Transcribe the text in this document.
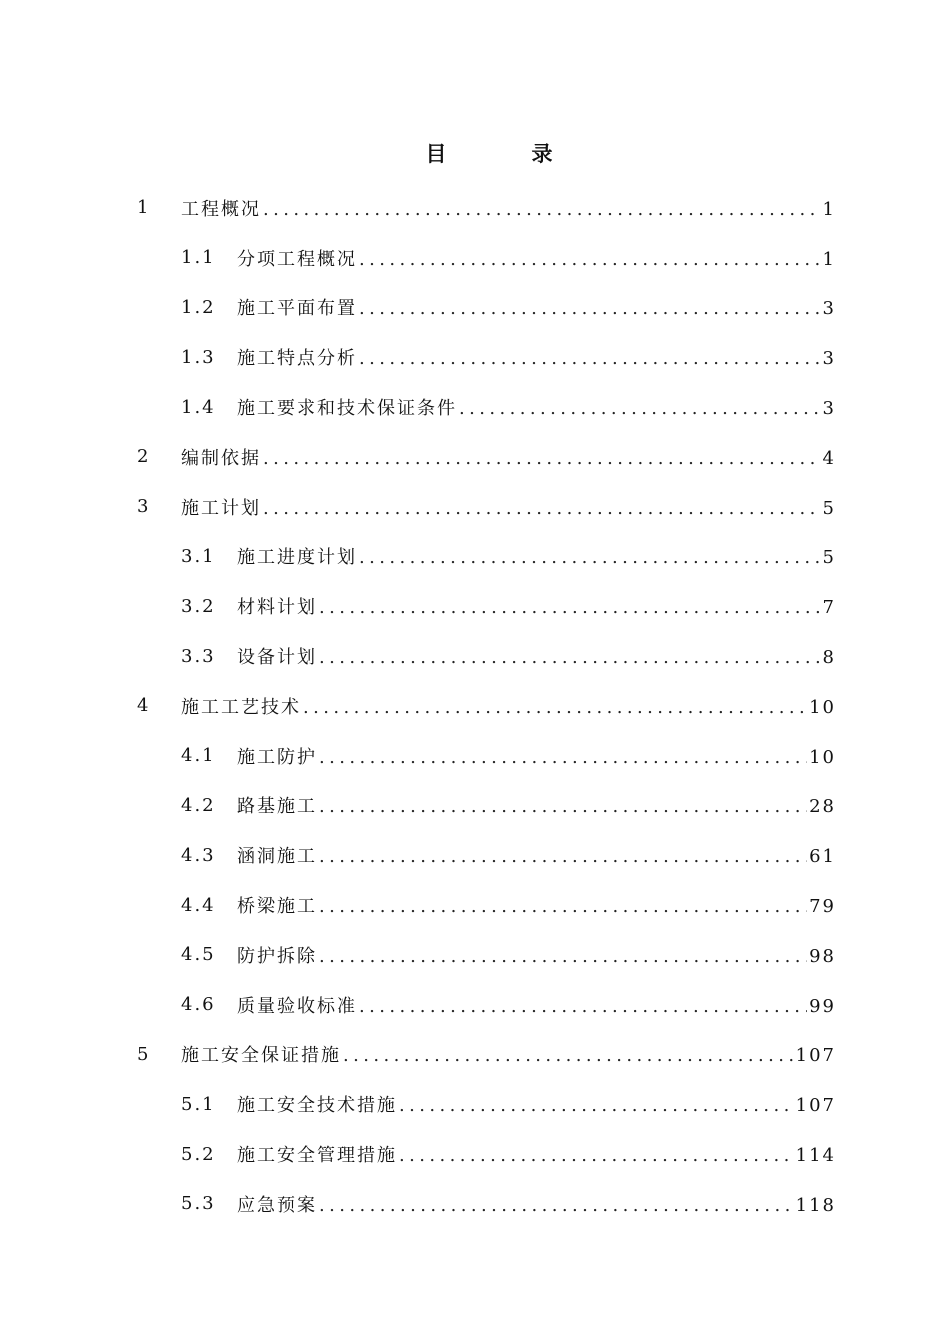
目　录
1 工程概况 .....	1
1.1 分项工程概况 .....	1
1.2 施工平面布置 .....	3
1.3 施工特点分析 .....	3
1.4 施工要求和技术保证条件 .....	3
2 编制依据 .....	4
3 施工计划 .....	5
3.1 施工进度计划 .....	5
3.2 材料计划 .....	7
3.3 设备计划 .....	8
4 施工工艺技术 .....	10
4.1 施工防护 .....	10
4.2 路基施工 .....	28
4.3 涵洞施工 .....	61
4.4 桥梁施工 .....	79
4.5 防护拆除 .....	98
4.6 质量验收标准 .....	99
5 施工安全保证措施 .....	107
5.1 施工安全技术措施 .....	107
5.2 施工安全管理措施 .....	114
5.3 应急预案 .....	118
